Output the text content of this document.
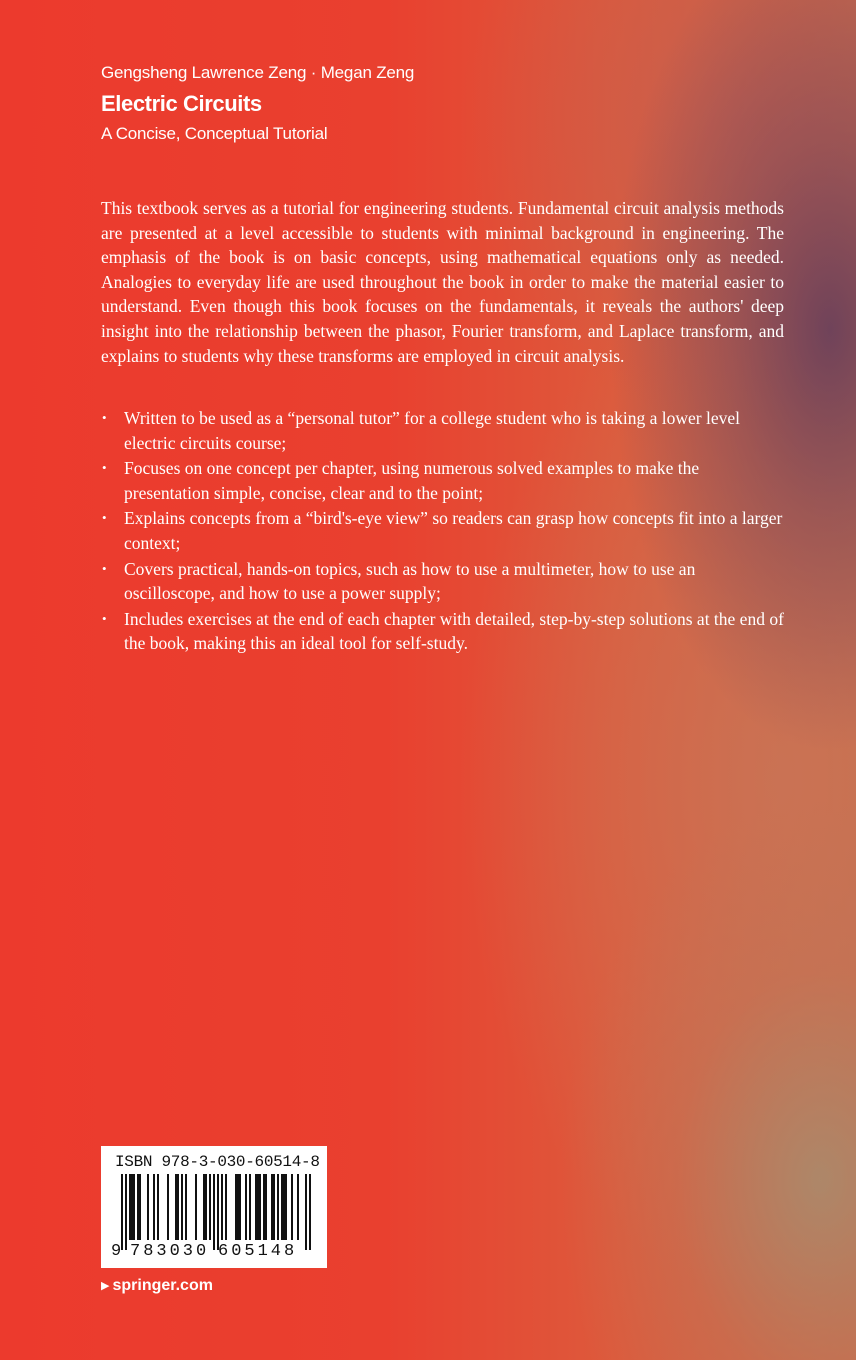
Gengsheng Lawrence Zeng · Megan Zeng
Electric Circuits
A Concise, Conceptual Tutorial

This textbook serves as a tutorial for engineering students. Fundamental circuit analysis methods are presented at a level accessible to students with minimal background in engineering. The emphasis of the book is on basic concepts, using mathematical equations only as needed. Analogies to everyday life are used throughout the book in order to make the material easier to understand. Even though this book focuses on the fundamentals, it reveals the authors' deep insight into the relationship between the phasor, Fourier transform, and Laplace transform, and explains to students why these transforms are employed in circuit analysis.

• Written to be used as a “personal tutor” for a college student who is taking a lower level electric circuits course;
• Focuses on one concept per chapter, using numerous solved examples to make the presentation simple, concise, clear and to the point;
• Explains concepts from a “bird's-eye view” so readers can grasp how concepts fit into a larger context;
• Covers practical, hands-on topics, such as how to use a multimeter, how to use an oscilloscope, and how to use a power supply;
• Includes exercises at the end of each chapter with detailed, step-by-step solutions at the end of the book, making this an ideal tool for self-study.
ISBN 978-3-030-60514-8
9 783030 605148
▶ springer.com
